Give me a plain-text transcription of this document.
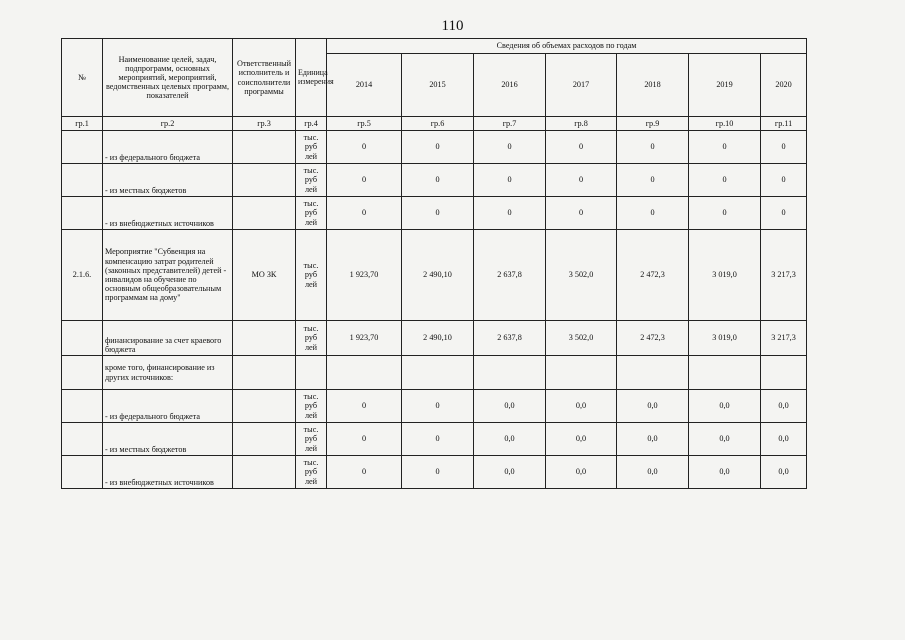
110
№	Наименование целей, задач, подпрограмм, основных мероприятий, мероприятий, ведомственных целевых программ, показателей	Ответственный исполнитель и соисполнители программы	Единица измерения	Сведения об объемах расходов по годам						
				2014	2015	2016	2017	2018	2019	2020
гр.1	гр.2	гр.3	гр.4	гр.5	гр.6	гр.7	гр.8	гр.9	гр.10	гр.11
	- из федерального бюджета		тыс. руб лей	0	0	0	0	0	0	0
	- из местных бюджетов		тыс. руб лей	0	0	0	0	0	0	0
	- из внебюджетных источников		тыс. руб лей	0	0	0	0	0	0	0
2.1.6.	Мероприятие "Субвенция на компенсацию затрат родителей (законных представителей) детей - инвалидов на обучение по основным общеобразовательным программам на дому"	МО ЗК	тыс. руб лей	1 923,70	2 490,10	2 637,8	3 502,0	2 472,3	3 019,0	3 217,3
	финансирование за счет краевого бюджета		тыс. руб лей	1 923,70	2 490,10	2 637,8	3 502,0	2 472,3	3 019,0	3 217,3
	кроме того, финансирование из других источников:									
	- из федерального бюджета		тыс. руб лей	0	0	0,0	0,0	0,0	0,0	0,0
	- из местных бюджетов		тыс. руб лей	0	0	0,0	0,0	0,0	0,0	0,0
	- из внебюджетных источников		тыс. руб лей	0	0	0,0	0,0	0,0	0,0	0,0
